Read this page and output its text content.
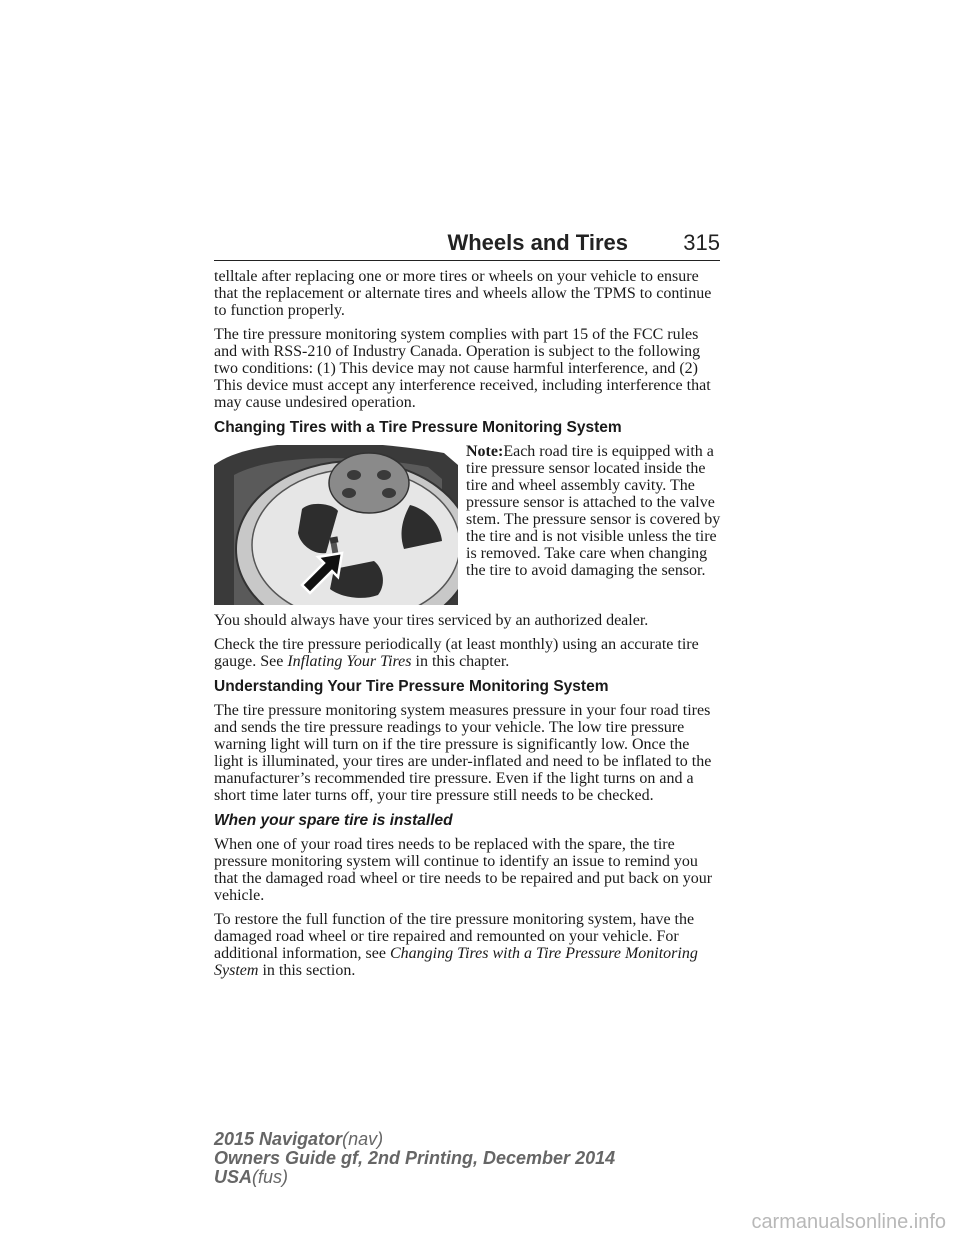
Wheels and Tires	315

telltale after replacing one or more tires or wheels on your vehicle to ensure that the replacement or alternate tires and wheels allow the TPMS to continue to function properly.

The tire pressure monitoring system complies with part 15 of the FCC rules and with RSS-210 of Industry Canada. Operation is subject to the following two conditions: (1) This device may not cause harmful interference, and (2) This device must accept any interference received, including interference that may cause undesired operation.

Changing Tires with a Tire Pressure Monitoring System
Note:Each road tire is equipped with a tire pressure sensor located inside the tire and wheel assembly cavity. The pressure sensor is attached to the valve stem. The pressure sensor is covered by the tire and is not visible unless the tire is removed. Take care when changing the tire to avoid damaging the sensor.

You should always have your tires serviced by an authorized dealer.

Check the tire pressure periodically (at least monthly) using an accurate tire gauge. See Inflating Your Tires in this chapter.

Understanding Your Tire Pressure Monitoring System

The tire pressure monitoring system measures pressure in your four road tires and sends the tire pressure readings to your vehicle. The low tire pressure warning light will turn on if the tire pressure is significantly low. Once the light is illuminated, your tires are under-inflated and need to be inflated to the manufacturer’s recommended tire pressure. Even if the light turns on and a short time later turns off, your tire pressure still needs to be checked.

When your spare tire is installed

When one of your road tires needs to be replaced with the spare, the tire pressure monitoring system will continue to identify an issue to remind you that the damaged road wheel or tire needs to be repaired and put back on your vehicle.

To restore the full function of the tire pressure monitoring system, have the damaged road wheel or tire repaired and remounted on your vehicle. For additional information, see Changing Tires with a Tire Pressure Monitoring System in this section.

2015 Navigator(nav)
Owners Guide gf, 2nd Printing, December 2014
USA(fus)
carmanualsonline.info
